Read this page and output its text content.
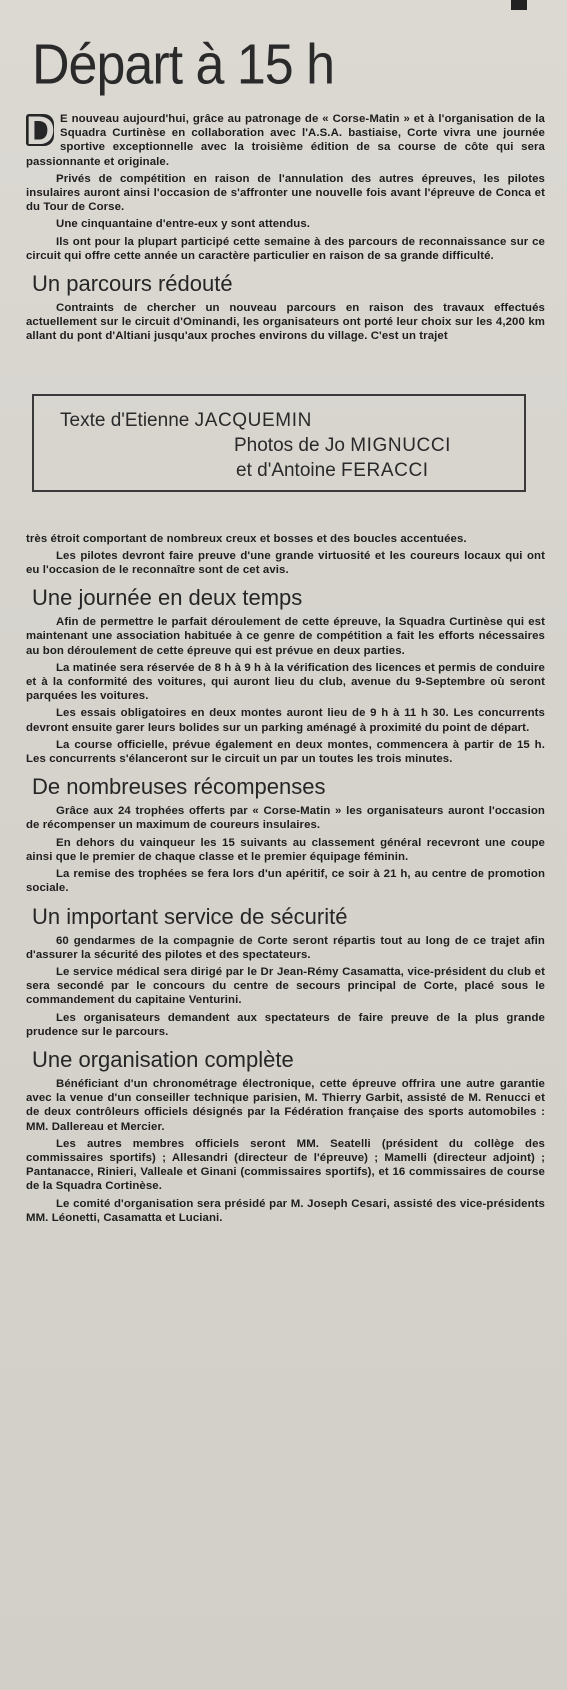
Départ à 15 h

D E nouveau aujourd'hui, grâce au patronage de « Corse-Matin » et à l'organisation de la Squadra Curtinèse en collaboration avec l'A.S.A. bastiaise, Corte vivra une journée sportive exceptionnelle avec la troisième édition de sa course de côte qui sera passionnante et originale.

Privés de compétition en raison de l'annulation des autres épreuves, les pilotes insulaires auront ainsi l'occasion de s'affronter une nouvelle fois avant l'épreuve de Conca et du Tour de Corse.

Une cinquantaine d'entre-eux y sont attendus.

Ils ont pour la plupart participé cette semaine à des parcours de reconnaissance sur ce circuit qui offre cette année un caractère particulier en raison de sa grande difficulté.

Un parcours rédouté

Contraints de chercher un nouveau parcours en raison des travaux effectués actuellement sur le circuit d'Ominandi, les organisateurs ont porté leur choix sur les 4,200 km allant du pont d'Altiani jusqu'aux proches environs du village. C'est un trajet

Texte d'Etienne JACQUEMIN
Photos de Jo MIGNUCCI
et d'Antoine FERACCI

très étroit comportant de nombreux creux et bosses et des boucles accentuées.

Les pilotes devront faire preuve d'une grande virtuosité et les coureurs locaux qui ont eu l'occasion de le reconnaître sont de cet avis.

Une journée en deux temps

Afin de permettre le parfait déroulement de cette épreuve, la Squadra Curtinèse qui est maintenant une association habituée à ce genre de compétition a fait les efforts nécessaires au bon déroulement de cette épreuve qui est prévue en deux parties.

La matinée sera réservée de 8 h à 9 h à la vérification des licences et permis de conduire et à la conformité des voitures, qui auront lieu du club, avenue du 9-Septembre où seront parquées les voitures.

Les essais obligatoires en deux montes auront lieu de 9 h à 11 h 30. Les concurrents devront ensuite garer leurs bolides sur un parking aménagé à proximité du point de départ.

La course officielle, prévue également en deux montes, commencera à partir de 15 h. Les concurrents s'élanceront sur le circuit un par un toutes les trois minutes.

De nombreuses récompenses

Grâce aux 24 trophées offerts par « Corse-Matin » les organisateurs auront l'occasion de récompenser un maximum de coureurs insulaires.

En dehors du vainqueur les 15 suivants au classement général recevront une coupe ainsi que le premier de chaque classe et le premier équipage féminin.

La remise des trophées se fera lors d'un apéritif, ce soir à 21 h, au centre de promotion sociale.

Un important service de sécurité

60 gendarmes de la compagnie de Corte seront répartis tout au long de ce trajet afin d'assurer la sécurité des pilotes et des spectateurs.

Le service médical sera dirigé par le Dr Jean-Rémy Casamatta, vice-président du club et sera secondé par le concours du centre de secours principal de Corte, placé sous le commandement du capitaine Venturini.

Les organisateurs demandent aux spectateurs de faire preuve de la plus grande prudence sur le parcours.

Une organisation complète

Bénéficiant d'un chronométrage électronique, cette épreuve offrira une autre garantie avec la venue d'un conseiller technique parisien, M. Thierry Garbit, assisté de M. Renucci et de deux contrôleurs officiels désignés par la Fédération française des sports automobiles : MM. Dallereau et Mercier.

Les autres membres officiels seront MM. Seatelli (président du collège des commissaires sportifs) ; Allesandri (directeur de l'épreuve) ; Mamelli (directeur adjoint) ; Pantanacce, Rinieri, Valleale et Ginani (commissaires sportifs), et 16 commissaires de course de la Squadra Cortinèse.

Le comité d'organisation sera présidé par M. Joseph Cesari, assisté des vice-présidents MM. Léonetti, Casamatta et Luciani.
